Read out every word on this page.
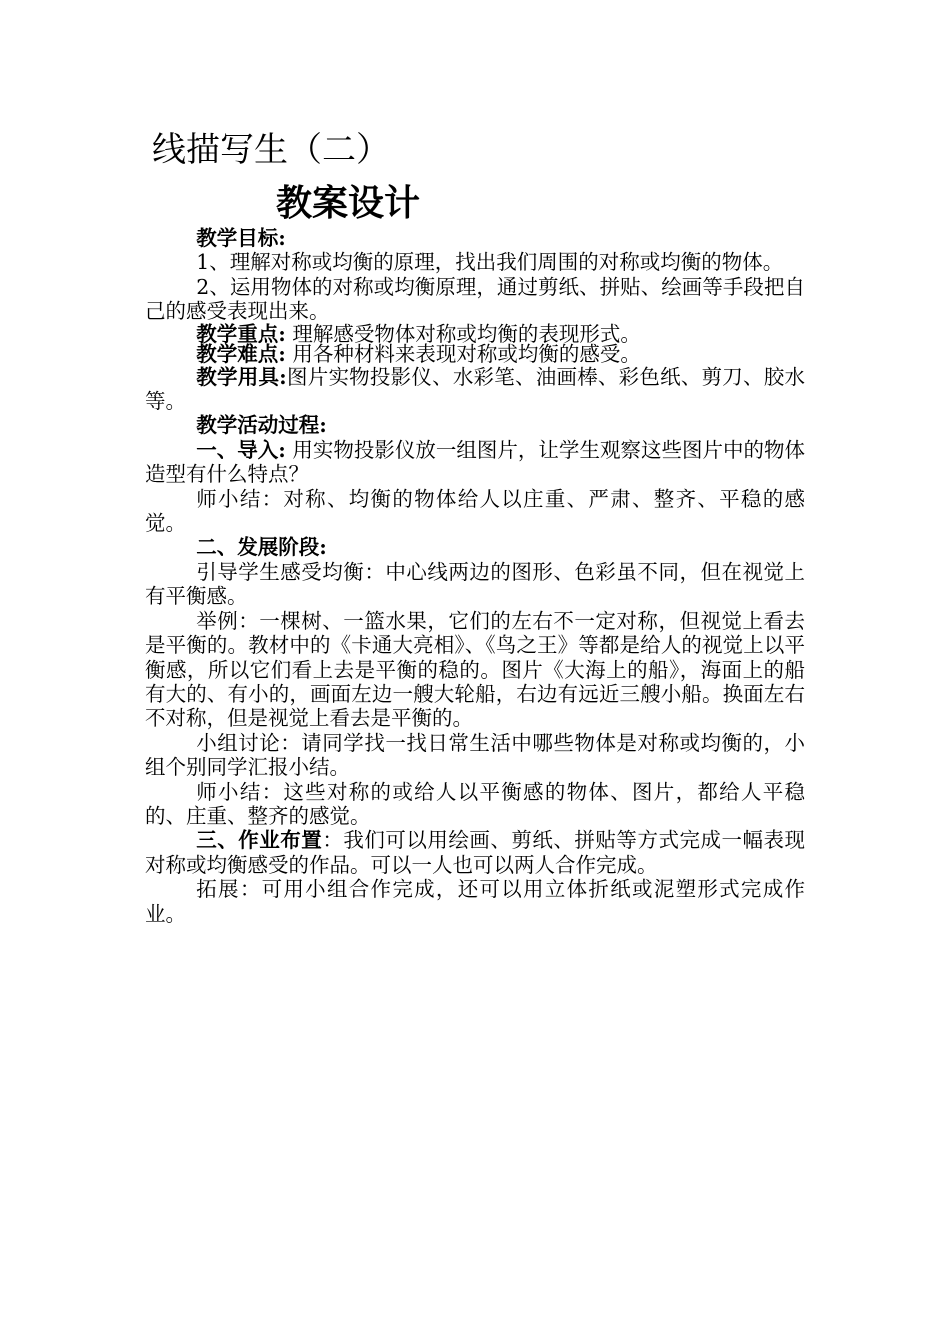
线描写生（二）
教案设计

教学目标:

1、理解对称或均衡的原理，找出我们周围的对称或均衡的物体。

2、运用物体的对称或均衡原理，通过剪纸、拼贴、绘画等手段把自己的感受表现出来。

教学重点: 理解感受物体对称或均衡的表现形式。

教学难点: 用各种材料来表现对称或均衡的感受。

教学用具:图片实物投影仪、水彩笔、油画棒、彩色纸、剪刀、胶水等。

教学活动过程:

一、导入: 用实物投影仪放一组图片，让学生观察这些图片中的物体造型有什么特点？

师小结：对称、均衡的物体给人以庄重、严肃、整齐、平稳的感觉。

二、发展阶段:

引导学生感受均衡：中心线两边的图形、色彩虽不同，但在视觉上有平衡感。

举例：一棵树、一篮水果，它们的左右不一定对称，但视觉上看去是平衡的。教材中的《卡通大亮相》、《鸟之王》等都是给人的视觉上以平衡感，所以它们看上去是平衡的稳的。图片《大海上的船》，海面上的船有大的、有小的，画面左边一艘大轮船，右边有远近三艘小船。换面左右不对称，但是视觉上看去是平衡的。

小组讨论：请同学找一找日常生活中哪些物体是对称或均衡的，小组个别同学汇报小结。

师小结：这些对称的或给人以平衡感的物体、图片，都给人平稳的、庄重、整齐的感觉。

三、作业布置：我们可以用绘画、剪纸、拼贴等方式完成一幅表现对称或均衡感受的作品。可以一人也可以两人合作完成。

拓展：可用小组合作完成，还可以用立体折纸或泥塑形式完成作业。
